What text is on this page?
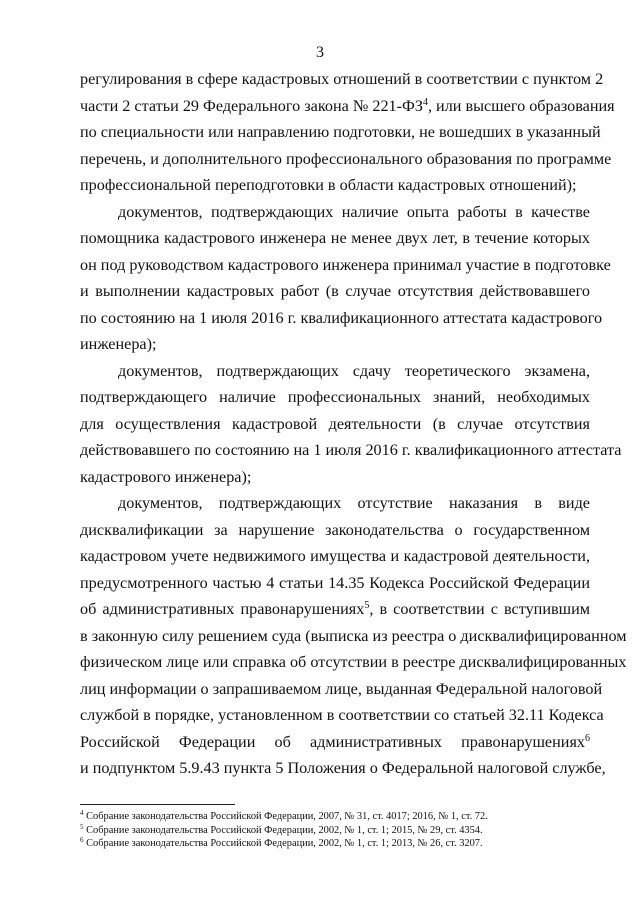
3
регулирования в сфере кадастровых отношений в соответствии с пунктом 2
части 2 статьи 29 Федерального закона № $221-ФЗ^4$, или высшего образования
по специальности или направлению подготовки, не вошедших в указанный
перечень, и дополнительного профессионального образования по программе
профессиональной переподготовки в области кадастровых отношений);
документов, подтверждающих наличие опыта работы в качестве
помощника кадастрового инженера не менее двух лет, в течение которых
он под руководством кадастрового инженера принимал участие в подготовке
и выполнении кадастровых работ (в случае отсутствия действовавшего
по состоянию на 1 июля 2016 г. квалификационного аттестата кадастрового
инженера);
документов, подтверждающих сдачу теоретического экзамена,
подтверждающего наличие профессиональных знаний, необходимых
для осуществления кадастровой деятельности (в случае отсутствия
действовавшего по состоянию на 1 июля 2016 г. квалификационного аттестата
кадастрового инженера);
документов, подтверждающих отсутствие наказания в виде
дисквалификации за нарушение законодательства о государственном
кадастровом учете недвижимого имущества и кадастровой деятельности,
предусмотренного частью 4 статьи 14.35 Кодекса Российской Федерации
об административных правонарушениях$^5$, в соответствии с вступившим
в законную силу решением суда (выписка из реестра о дисквалифицированном
физическом лице или справка об отсутствии в реестре дисквалифицированных
лиц информации о запрашиваемом лице, выданная Федеральной налоговой
службой в порядке, установленном в соответствии со статьей 32.11 Кодекса
Российской Федерации об административных правонарушениях$^6$
и подпунктом 5.9.43 пункта 5 Положения о Федеральной налоговой службе,
$^4$ Собрание законодательства Российской Федерации, 2007, № 31, ст. 4017; 2016, № 1, ст. 72.
$^5$ Собрание законодательства Российской Федерации, 2002, № 1, ст. 1; 2015, № 29, ст. 4354.
$^6$ Собрание законодательства Российской Федерации, 2002, № 1, ст. 1; 2013, № 26, ст. 3207.
